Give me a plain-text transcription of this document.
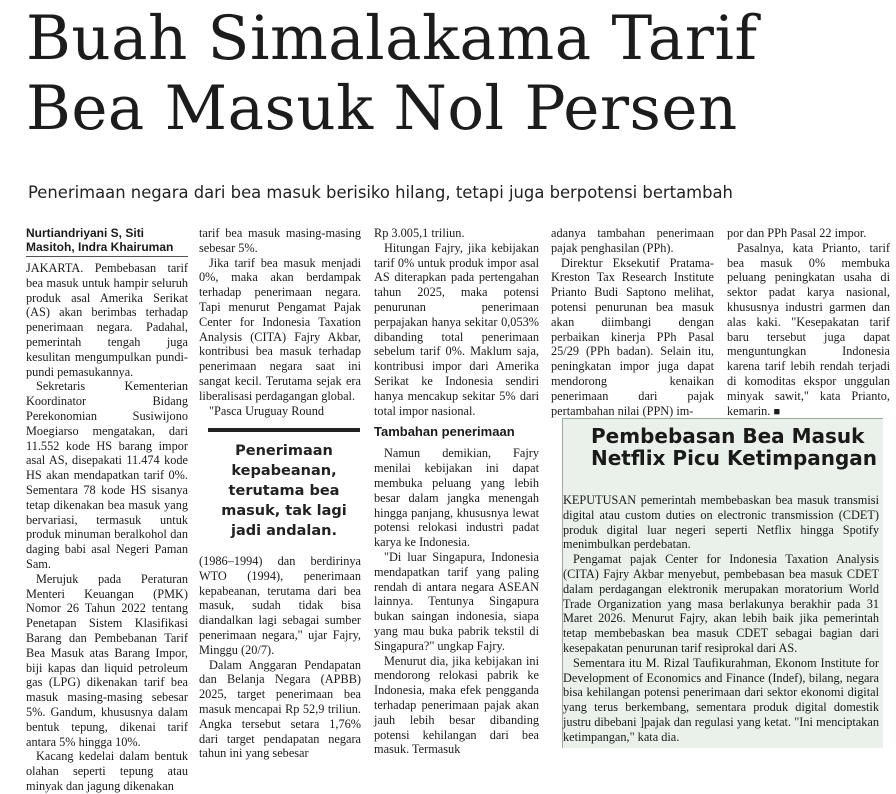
Buah Simalakama Tarif
Bea Masuk Nol Persen
Penerimaan negara dari bea masuk berisiko hilang, tetapi juga berpotensi bertambah
Nurtiandriyani S, Siti
Masitoh, Indra Khairuman

JAKARTA. Pembebasan tarif bea masuk untuk hampir seluruh produk asal Amerika Serikat (AS) akan berimbas terhadap penerimaan negara. Padahal, pemerintah tengah juga kesulitan mengumpulkan pundi-pundi pemasukannya.

Sekretaris Kementerian Koordinator Bidang Perekonomian Susiwijono Moegiarso mengatakan, dari 11.552 kode HS barang impor asal AS, disepakati 11.474 kode HS akan mendapatkan tarif 0%. Sementara 78 kode HS sisanya tetap dikenakan bea masuk yang bervariasi, termasuk untuk produk minuman beralkohol dan daging babi asal Negeri Paman Sam.

Merujuk pada Peraturan Menteri Keuangan (PMK) Nomor 26 Tahun 2022 tentang Penetapan Sistem Klasifikasi Barang dan Pembebanan Tarif Bea Masuk atas Barang Impor, biji kapas dan liquid petroleum gas (LPG) dikenakan tarif bea masuk masing-masing sebesar 5%. Gandum, khususnya dalam bentuk tepung, dikenai tarif antara 5% hingga 10%.

Kacang kedelai dalam bentuk olahan seperti tepung atau minyak dan jagung dikenakan

tarif bea masuk masing-masing sebesar 5%.

Jika tarif bea masuk menjadi 0%, maka akan berdampak terhadap penerimaan negara. Tapi menurut Pengamat Pajak Center for Indonesia Taxation Analysis (CITA) Fajry Akbar, kontribusi bea masuk terhadap penerimaan negara saat ini sangat kecil. Terutama sejak era liberalisasi perdagangan global.

"Pasca Uruguay Round

Penerimaan kepabeanan, terutama bea masuk, tak lagi jadi andalan.

(1986–1994) dan berdirinya WTO (1994), penerimaan kepabeanan, terutama dari bea masuk, sudah tidak bisa diandalkan lagi sebagai sumber penerimaan negara," ujar Fajry, Minggu (20/7).

Dalam Anggaran Pendapatan dan Belanja Negara (APBB) 2025, target penerimaan bea masuk mencapai Rp 52,9 triliun. Angka tersebut setara 1,76% dari target pendapatan negara tahun ini yang sebesar

Rp 3.005,1 triliun.

Hitungan Fajry, jika kebijakan tarif 0% untuk produk impor asal AS diterapkan pada pertengahan tahun 2025, maka potensi penurunan penerimaan perpajakan hanya sekitar 0,053% dibanding total penerimaan sebelum tarif 0%. Maklum saja, kontribusi impor dari Amerika Serikat ke Indonesia sendiri hanya mencakup sekitar 5% dari total impor nasional.

Tambahan penerimaan

Namun demikian, Fajry menilai kebijakan ini dapat membuka peluang yang lebih besar dalam jangka menengah hingga panjang, khususnya lewat potensi relokasi industri padat karya ke Indonesia.

"Di luar Singapura, Indonesia mendapatkan tarif yang paling rendah di antara negara ASEAN lainnya. Tentunya Singapura bukan saingan indonesia, siapa yang mau buka pabrik tekstil di Singapura?" ungkap Fajry.

Menurut dia, jika kebijakan ini mendorong relokasi pabrik ke Indonesia, maka efek pengganda terhadap penerimaan pajak akan jauh lebih besar dibanding potensi kehilangan dari bea masuk. Termasuk

adanya tambahan penerimaan pajak penghasilan (PPh).

Direktur Eksekutif Pratama-Kreston Tax Research Institute Prianto Budi Saptono melihat, potensi penurunan bea masuk akan diimbangi dengan perbaikan kinerja PPh Pasal 25/29 (PPh badan). Selain itu, peningkatan impor juga dapat mendorong kenaikan penerimaan dari pajak pertambahan nilai (PPN) im-

por dan PPh Pasal 22 impor.

Pasalnya, kata Prianto, tarif bea masuk 0% membuka peluang peningkatan usaha di sektor padat karya nasional, khususnya industri garmen dan alas kaki. "Kesepakatan tarif baru tersebut juga dapat menguntungkan Indonesia karena tarif lebih rendah terjadi di komoditas ekspor unggulan minyak sawit," kata Prianto, kemarin. ■

Pembebasan Bea Masuk
Netflix Picu Ketimpangan

KEPUTUSAN pemerintah membebaskan bea masuk transmisi digital atau custom duties on electronic transmission (CDET) produk digital luar negeri seperti Netflix hingga Spotify menimbulkan perdebatan.

Pengamat pajak Center for Indonesia Taxation Analysis (CITA) Fajry Akbar menyebut, pembebasan bea masuk CDET dalam perdagangan elektronik merupakan moratorium World Trade Organization yang masa berlakunya berakhir pada 31 Maret 2026. Menurut Fajry, akan lebih baik jika pemerintah tetap membebaskan bea masuk CDET sebagai bagian dari kesepakatan penurunan tarif resiprokal dari AS.

Sementara itu M. Rizal Taufikurahman, Ekonom Institute for Development of Economics and Finance (Indef), bilang, negara bisa kehilangan potensi penerimaan dari sektor ekonomi digital yang terus berkembang, sementara produk digital domestik justru dibebani ]pajak dan regulasi yang ketat. "Ini menciptakan ketimpangan," kata dia.
